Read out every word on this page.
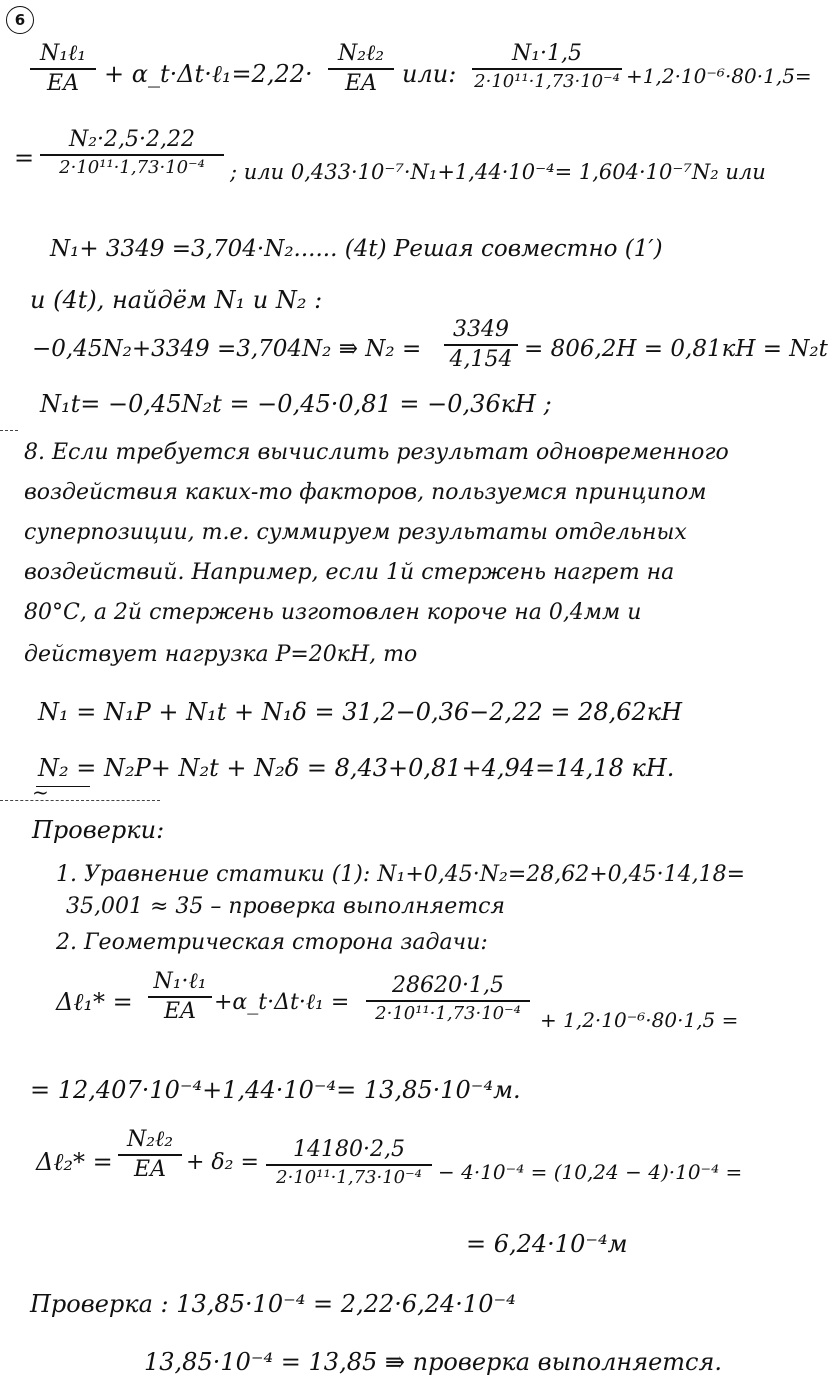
6
N₁ℓ₁
EA	+ α_t·Δt·ℓ₁=2,22·
N₂ℓ₂
EA	или:
N₁·1,5
2·10¹¹·1,73·10⁻⁴ +1,2·10⁻⁶·80·1,5=
=
N₂·2,5·2,22
2·10¹¹·1,73·10⁻⁴	; или 0,433·10⁻⁷·N₁+1,44·10⁻⁴= 1,604·10⁻⁷N₂ или
N₁+ 3349 =3,704·N₂...... (4t) Решая совместно (1′)
и (4t), найдём N₁ и N₂ :
−0,45N₂+3349 =3,704N₂ ⇛ N₂ =
3349
4,154 = 806,2H = 0,81кН = N₂t
N₁t= −0,45N₂t = −0,45·0,81 = −0,36кН ;
8. Если требуется вычислить результат одновременного
воздействия каких-то факторов, пользуемся принципом
суперпозиции, т.е. суммируем результаты отдельных
воздействий. Например, если 1й стержень нагрет на
80°С, а 2й стержень изготовлен короче на 0,4мм и
действует нагрузка P=20кН, то
N₁ = N₁P + N₁t + N₁δ = 31,2−0,36−2,22 = 28,62кН
N₂ = N₂P+ N₂t + N₂δ = 8,43+0,81+4,94=14,18 кН.
~
Проверки:
1. Уравнение статики (1): N₁+0,45·N₂=28,62+0,45·14,18=
35,001 ≈ 35 – проверка выполняется
2. Геометрическая сторона задачи:
Δℓ₁* =
N₁·ℓ₁
EA +α_t·Δt·ℓ₁ =
28620·1,5
2·10¹¹·1,73·10⁻⁴ + 1,2·10⁻⁶·80·1,5 =
= 12,407·10⁻⁴+1,44·10⁻⁴= 13,85·10⁻⁴м.
Δℓ₂* =
N₂ℓ₂
EA + δ₂ =
14180·2,5
2·10¹¹·1,73·10⁻⁴ − 4·10⁻⁴ = (10,24 − 4)·10⁻⁴ =
= 6,24·10⁻⁴м
Проверка : 13,85·10⁻⁴ = 2,22·6,24·10⁻⁴
13,85·10⁻⁴ = 13,85 ⇛ проверка выполняется.
